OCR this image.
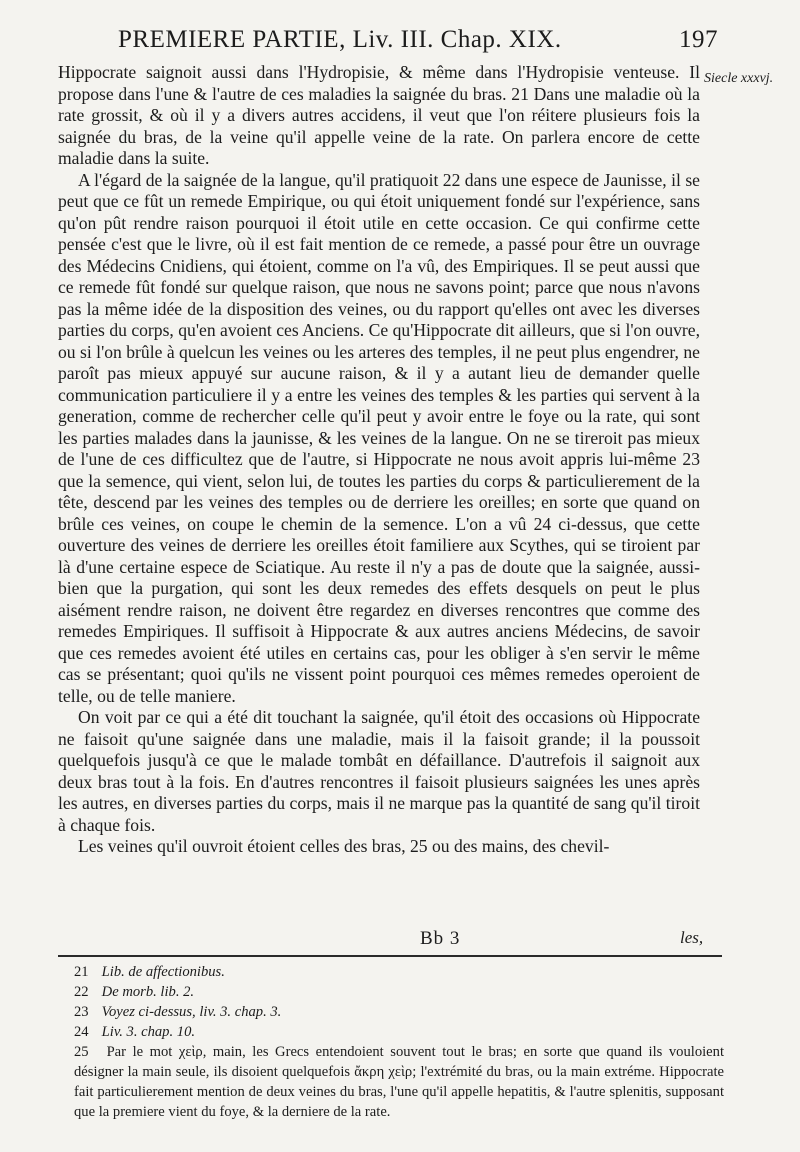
PREMIERE PARTIE, Liv. III. Chap. XIX.	197
Siecle xxxvj.

Hippocrate saignoit aussi dans l'Hydropisie, & même dans l'Hydropisie venteuse. Il propose dans l'une & l'autre de ces maladies la saignée du bras. 21 Dans une maladie où la rate grossit, & où il y a divers autres accidens, il veut que l'on réitere plusieurs fois la saignée du bras, de la veine qu'il appelle veine de la rate. On parlera encore de cette maladie dans la suite.

A l'égard de la saignée de la langue, qu'il pratiquoit 22 dans une espece de Jaunisse, il se peut que ce fût un remede Empirique, ou qui étoit uniquement fondé sur l'expérience, sans qu'on pût rendre raison pourquoi il étoit utile en cette occasion. Ce qui confirme cette pensée c'est que le livre, où il est fait mention de ce remede, a passé pour être un ouvrage des Médecins Cnidiens, qui étoient, comme on l'a vû, des Empiriques. Il se peut aussi que ce remede fût fondé sur quelque raison, que nous ne savons point; parce que nous n'avons pas la même idée de la disposition des veines, ou du rapport qu'elles ont avec les diverses parties du corps, qu'en avoient ces Anciens. Ce qu'Hippocrate dit ailleurs, que si l'on ouvre, ou si l'on brûle à quelcun les veines ou les arteres des temples, il ne peut plus engendrer, ne paroît pas mieux appuyé sur aucune raison, & il y a autant lieu de demander quelle communication particuliere il y a entre les veines des temples & les parties qui servent à la generation, comme de rechercher celle qu'il peut y avoir entre le foye ou la rate, qui sont les parties malades dans la jaunisse, & les veines de la langue. On ne se tireroit pas mieux de l'une de ces difficultez que de l'autre, si Hippocrate ne nous avoit appris lui-même 23 que la semence, qui vient, selon lui, de toutes les parties du corps & particulierement de la tête, descend par les veines des temples ou de derriere les oreilles; en sorte que quand on brûle ces veines, on coupe le chemin de la semence. L'on a vû 24 ci-dessus, que cette ouverture des veines de derriere les oreilles étoit familiere aux Scythes, qui se tiroient par là d'une certaine espece de Sciatique. Au reste il n'y a pas de doute que la saignée, aussi-bien que la purgation, qui sont les deux remedes des effets desquels on peut le plus aisément rendre raison, ne doivent être regardez en diverses rencontres que comme des remedes Empiriques. Il suffisoit à Hippocrate & aux autres anciens Médecins, de savoir que ces remedes avoient été utiles en certains cas, pour les obliger à s'en servir le même cas se présentant; quoi qu'ils ne vissent point pourquoi ces mêmes remedes operoient de telle, ou de telle maniere.

On voit par ce qui a été dit touchant la saignée, qu'il étoit des occasions où Hippocrate ne faisoit qu'une saignée dans une maladie, mais il la faisoit grande; il la poussoit quelquefois jusqu'à ce que le malade tombât en défaillance. D'autrefois il saignoit aux deux bras tout à la fois. En d'autres rencontres il faisoit plusieurs saignées les unes après les autres, en diverses parties du corps, mais il ne marque pas la quantité de sang qu'il tiroit à chaque fois.

Les veines qu'il ouvroit étoient celles des bras, 25 ou des mains, des chevil-

Bb 3	les,

21 Lib. de affectionibus.

22 De morb. lib. 2.

23 Voyez ci-dessus, liv. 3. chap. 3.

24 Liv. 3. chap. 10.

25 Par le mot χεὶρ, main, les Grecs entendoient souvent tout le bras; en sorte que quand ils vouloient désigner la main seule, ils disoient quelquefois ἄκρη χεὶρ; l'extrémité du bras, ou la main extréme. Hippocrate fait particulierement mention de deux veines du bras, l'une qu'il appelle hepatitis, & l'autre splenitis, supposant que la premiere vient du foye, & la derniere de la rate.
